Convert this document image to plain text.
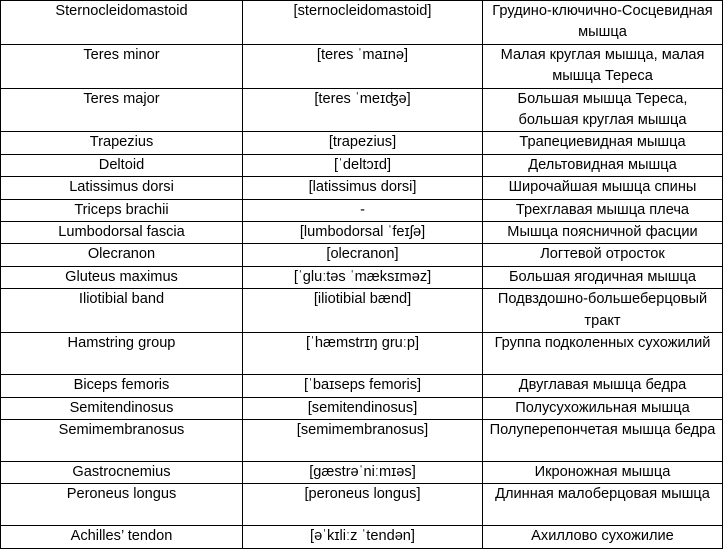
Sternocleidomastoid	[sternocleidomastoid]	Грудино-ключично-Сосцевидная мышца
Teres minor	[teres ˈmaɪnə]	Малая круглая мышца, малая мышца Тереса
Teres major	[teres ˈmeɪʤə]	Большая мышца Тереса, большая круглая мышца
Trapezius	[trapezius]	Трапециевидная мышца
Deltoid	[ˈdeltɔɪd]	Дельтовидная мышца
Latissimus dorsi	[latissimus dorsi]	Широчайшая мышца спины
Triceps brachii	-	Трехглавая мышца плеча
Lumbodorsal fascia	[lumbodorsal ˈfeɪʃə]	Мышца поясничной фасции
Olecranon	[olecranon]	Логтевой отросток
Gluteus maximus	[ˈgluːtəs ˈmæksɪməz]	Большая ягодичная мышца
Iliotibial band	[iliotibial bænd]	Подвздошно-большеберцовый тракт
Hamstring group	[ˈhæmstrɪŋ gruːp]	Группа подколенных сухожилий
Biceps femoris	[ˈbaɪseps femoris]	Двуглавая мышца бедра
Semitendinosus	[semitendinosus]	Полусухожильная мышца
Semimembranosus	[semimembranosus]	Полуперепончетая мышца бедра
Gastrocnemius	[gæstrəˈniːmɪəs]	Икроножная мышца
Peroneus longus	[peroneus longus]	Длинная малоберцовая мышца
Achilles’ tendon	[əˈkɪliːz ˈtendən]	Ахиллово сухожилие
